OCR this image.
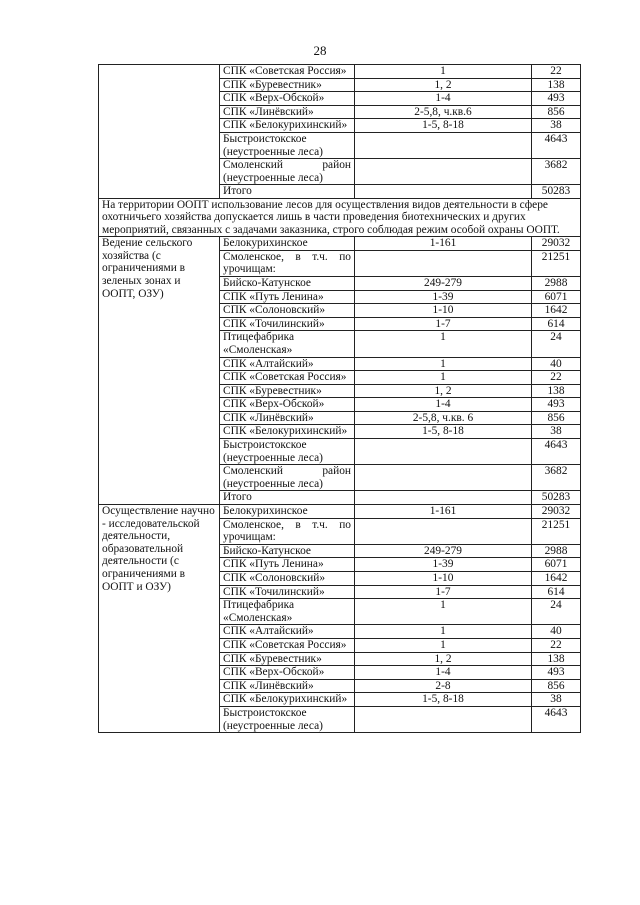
28
	СПК «Советская Россия»	1	22
	СПК «Буревестник»	1, 2	138
	СПК «Верх-Обской»	1-4	493
	СПК «Линёвский»	2-5,8, ч.кв.6	856
	СПК «Белокурихинский»	1-5, 8-18	38
	Быстроистокское (неустроенные леса)		4643
	Смоленский район (неустроенные леса)		3682
	Итого		50283
На территории ООПТ использование лесов для осуществления видов деятельности в сфере охотничьего хозяйства допускается лишь в части проведения биотехнических и других мероприятий, связанных с задачами заказника, строго соблюдая режим особой охраны ООПТ.			
Ведение сельского хозяйства (с ограничениями в зеленых зонах и ООПТ, ОЗУ)	Белокурихинское	1-161	29032
	Смоленское, в т.ч. по урочищам:		21251
	Бийско-Катунское	249-279	2988
	СПК «Путь Ленина»	1-39	6071
	СПК «Солоновский»	1-10	1642
	СПК «Точилинский»	1-7	614
	Птицефабрика «Смоленская»	1	24
	СПК «Алтайский»	1	40
	СПК «Советская Россия»	1	22
	СПК «Буревестник»	1, 2	138
	СПК «Верх-Обской»	1-4	493
	СПК «Линёвский»	2-5,8, ч.кв. 6	856
	СПК «Белокурихинский»	1-5, 8-18	38
	Быстроистокское (неустроенные леса)		4643
	Смоленский район (неустроенные леса)		3682
	Итого		50283
Осуществление научно - исследовательской деятельности, образовательной деятельности (с ограничениями в ООПТ и ОЗУ)	Белокурихинское	1-161	29032
	Смоленское, в т.ч. по урочищам:		21251
	Бийско-Катунское	249-279	2988
	СПК «Путь Ленина»	1-39	6071
	СПК «Солоновский»	1-10	1642
	СПК «Точилинский»	1-7	614
	Птицефабрика «Смоленская»	1	24
	СПК «Алтайский»	1	40
	СПК «Советская Россия»	1	22
	СПК «Буревестник»	1, 2	138
	СПК «Верх-Обской»	1-4	493
	СПК «Линёвский»	2-8	856
	СПК «Белокурихинский»	1-5, 8-18	38
	Быстроистокское (неустроенные леса)		4643
